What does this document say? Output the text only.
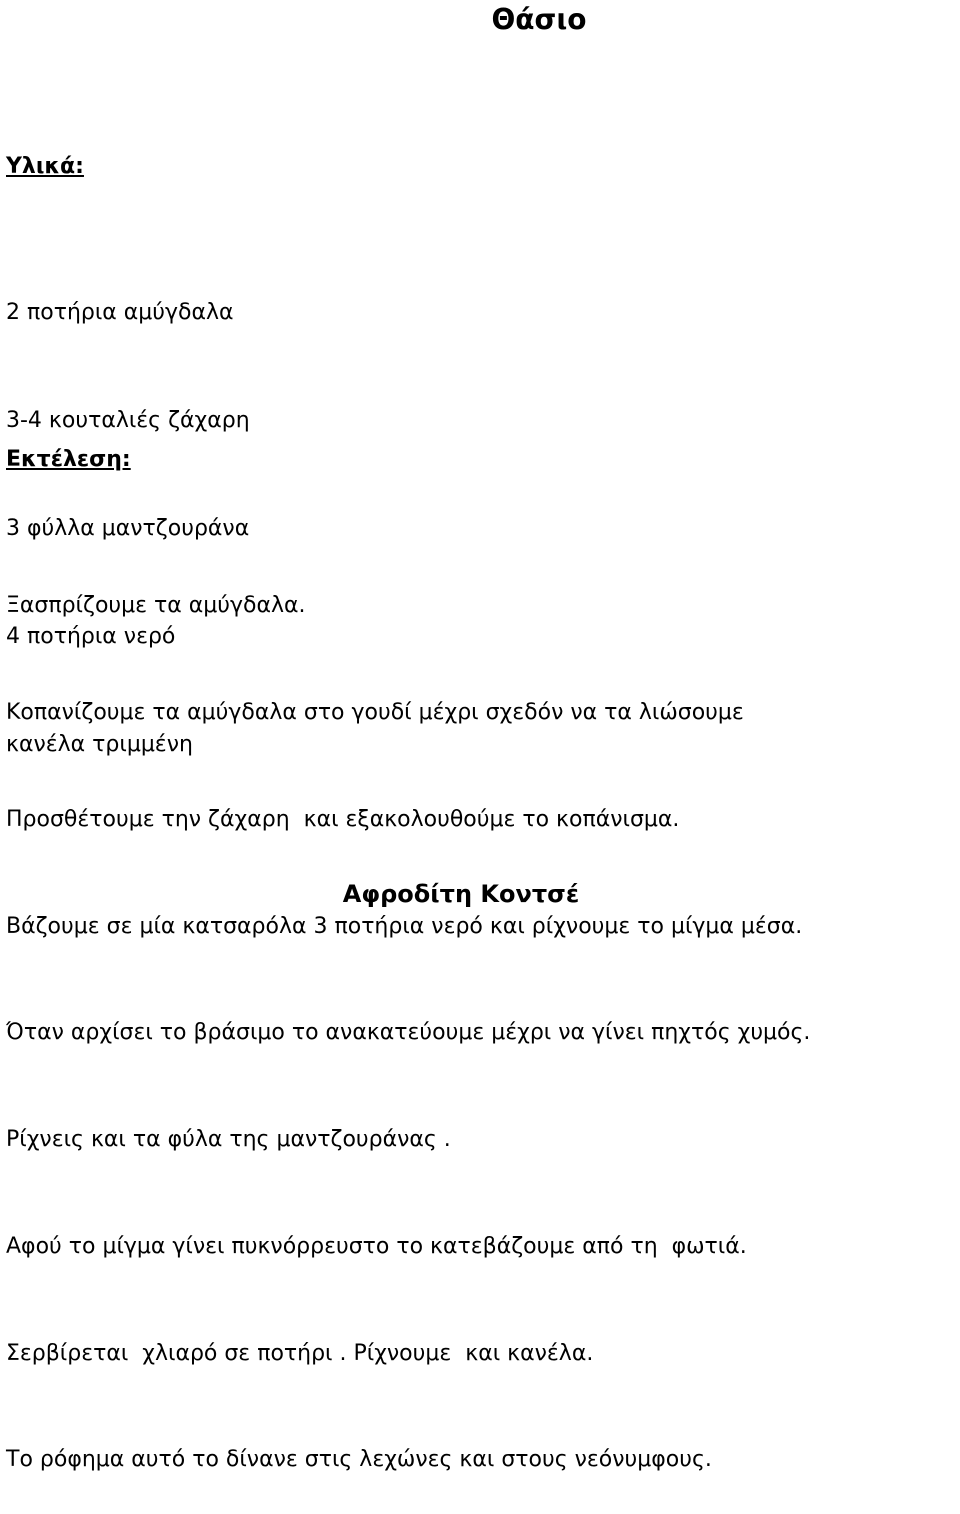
Θάσιο
Υλικά:

2 ποτήρια αμύγδαλα

3-4 κουταλιές ζάχαρη

3 φύλλα μαντζουράνα

4 ποτήρια νερό

κανέλα τριμμένη

Εκτέλεση:

Ξασπρίζουμε τα αμύγδαλα.

Κοπανίζουμε τα αμύγδαλα στο γουδί μέχρι σχεδόν να τα λιώσουμε

Προσθέτουμε την ζάχαρη  και εξακολουθούμε το κοπάνισμα.

Βάζουμε σε μία κατσαρόλα 3 ποτήρια νερό και ρίχνουμε το μίγμα μέσα.

Όταν αρχίσει το βράσιμο το ανακατεύουμε μέχρι να γίνει πηχτός χυμός.

Ρίχνεις και τα φύλα της μαντζουράνας .

Αφού το μίγμα γίνει πυκνόρρευστο το κατεβάζουμε από τη  φωτιά.

Σερβίρεται  χλιαρό σε ποτήρι . Ρίχνουμε  και κανέλα.

Το ρόφημα αυτό το δίνανε στις λεχώνες και στους νεόνυμφους.

Αφροδίτη Κοντσέ
